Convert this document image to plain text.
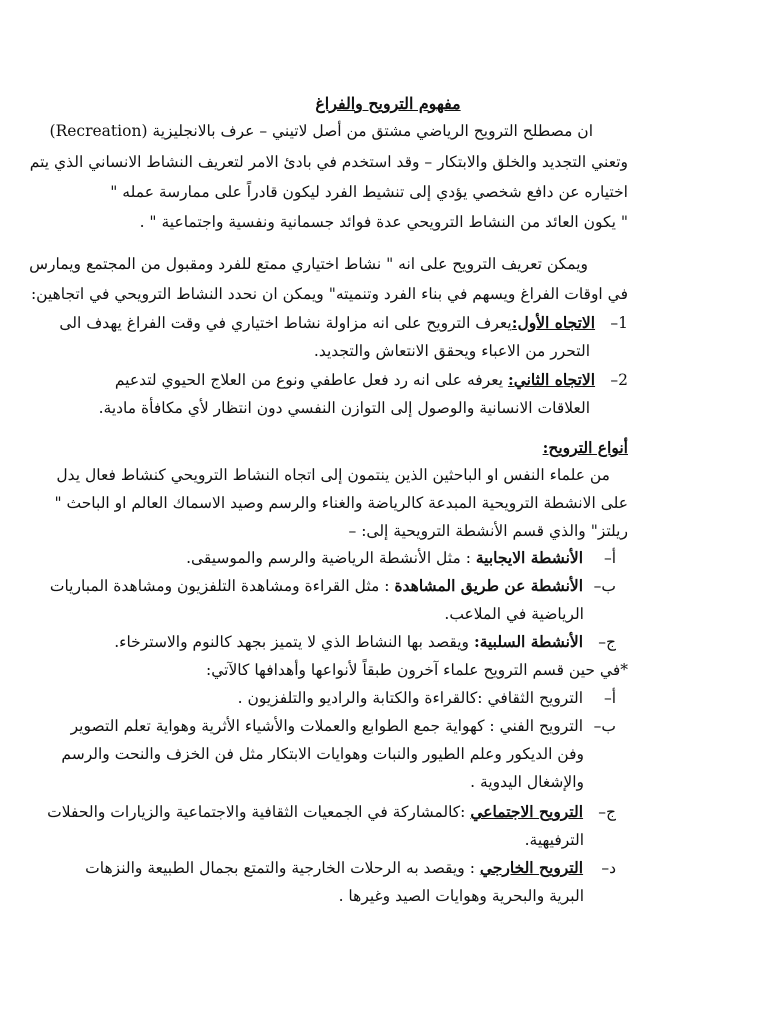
مفهوم الترويح والفراغ
ان مصطلح الترويح الرياضي مشتق من أصل لاتيني – عرف بالانجليزية (Recreation)
وتعني التجديد والخلق والابتكار – وقد استخدم في بادئ الامر لتعريف النشاط الانساني الذي يتم
اختياره عن دافع شخصي يؤدي إلى تنشيط الفرد ليكون قادراً على ممارسة عمله "
" يكون العائد من النشاط الترويحي عدة فوائد جسمانية ونفسية واجتماعية " .
ويمكن تعريف الترويح على انه " نشاط اختياري ممتع للفرد ومقبول من المجتمع ويمارس
في اوقات الفراغ ويسهم في بناء الفرد وتنميته" ويمكن ان نحدد النشاط الترويحي في اتجاهين:
1– الاتجاه الأول:يعرف الترويح على انه مزاولة نشاط اختياري في وقت الفراغ يهدف الى
التحرر من الاعباء ويحقق الانتعاش والتجديد.
2– الاتجاه الثاني: يعرفه على انه رد فعل عاطفي ونوع من العلاج الحيوي لتدعيم
العلاقات الانسانية والوصول إلى التوازن النفسي دون انتظار لأي مكافأة مادية.
أنواع الترويح:
من علماء النفس او الباحثين الذين ينتمون إلى اتجاه النشاط الترويحي كنشاط فعال يدل
على الانشطة الترويحية المبدعة كالرياضة والغناء والرسم وصيد الاسماك العالم او الباحث "
ريلتز" والذي قسم الأنشطة الترويحية إلى: –
أ– الأنشطة الايجابية : مثل الأنشطة الرياضية والرسم والموسيقى.
ب– الأنشطة عن طريق المشاهدة : مثل القراءة ومشاهدة التلفزيون ومشاهدة المباريات
الرياضية في الملاعب.
ج– الأنشطة السلبية: ويقصد بها النشاط الذي لا يتميز بجهد كالنوم والاسترخاء.
*في حين قسم الترويح علماء آخرون طبقاً لأنواعها وأهدافها كالآتي:
أ– الترويح الثقافي :كالقراءة والكتابة والراديو والتلفزيون .
ب– الترويح الفني : كهواية جمع الطوابع والعملات والأشياء الأثرية وهواية تعلم التصوير
وفن الديكور وعلم الطيور والنبات وهوايات الابتكار مثل فن الخزف والنحت والرسم
والإشغال اليدوية .
ج– الترويح الاجتماعي :كالمشاركة في الجمعيات الثقافية والاجتماعية والزيارات والحفلات
الترفيهية.
د– الترويح الخارجي : ويقصد به الرحلات الخارجية والتمتع بجمال الطبيعة والنزهات
البرية والبحرية وهوايات الصيد وغيرها .
